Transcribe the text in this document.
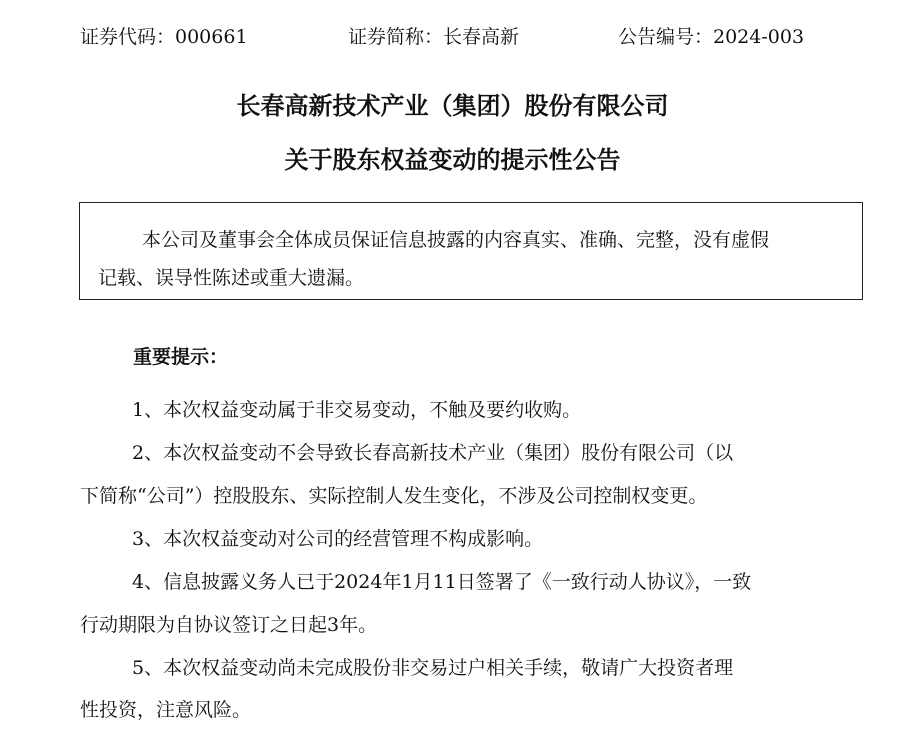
证券代码：000661	证券简称：长春高新	公告编号：2024-003
长春高新技术产业（集团）股份有限公司
关于股东权益变动的提示性公告
本公司及董事会全体成员保证信息披露的内容真实、准确、完整，没有虚假
记载、误导性陈述或重大遗漏。
重要提示：
1、本次权益变动属于非交易变动，不触及要约收购。
2、本次权益变动不会导致长春高新技术产业（集团）股份有限公司（以
下简称“公司”）控股股东、实际控制人发生变化，不涉及公司控制权变更。
3、本次权益变动对公司的经营管理不构成影响。
4、信息披露义务人已于2024年1月11日签署了《一致行动人协议》，一致
行动期限为自协议签订之日起3年。
5、本次权益变动尚未完成股份非交易过户相关手续，敬请广大投资者理
性投资，注意风险。
